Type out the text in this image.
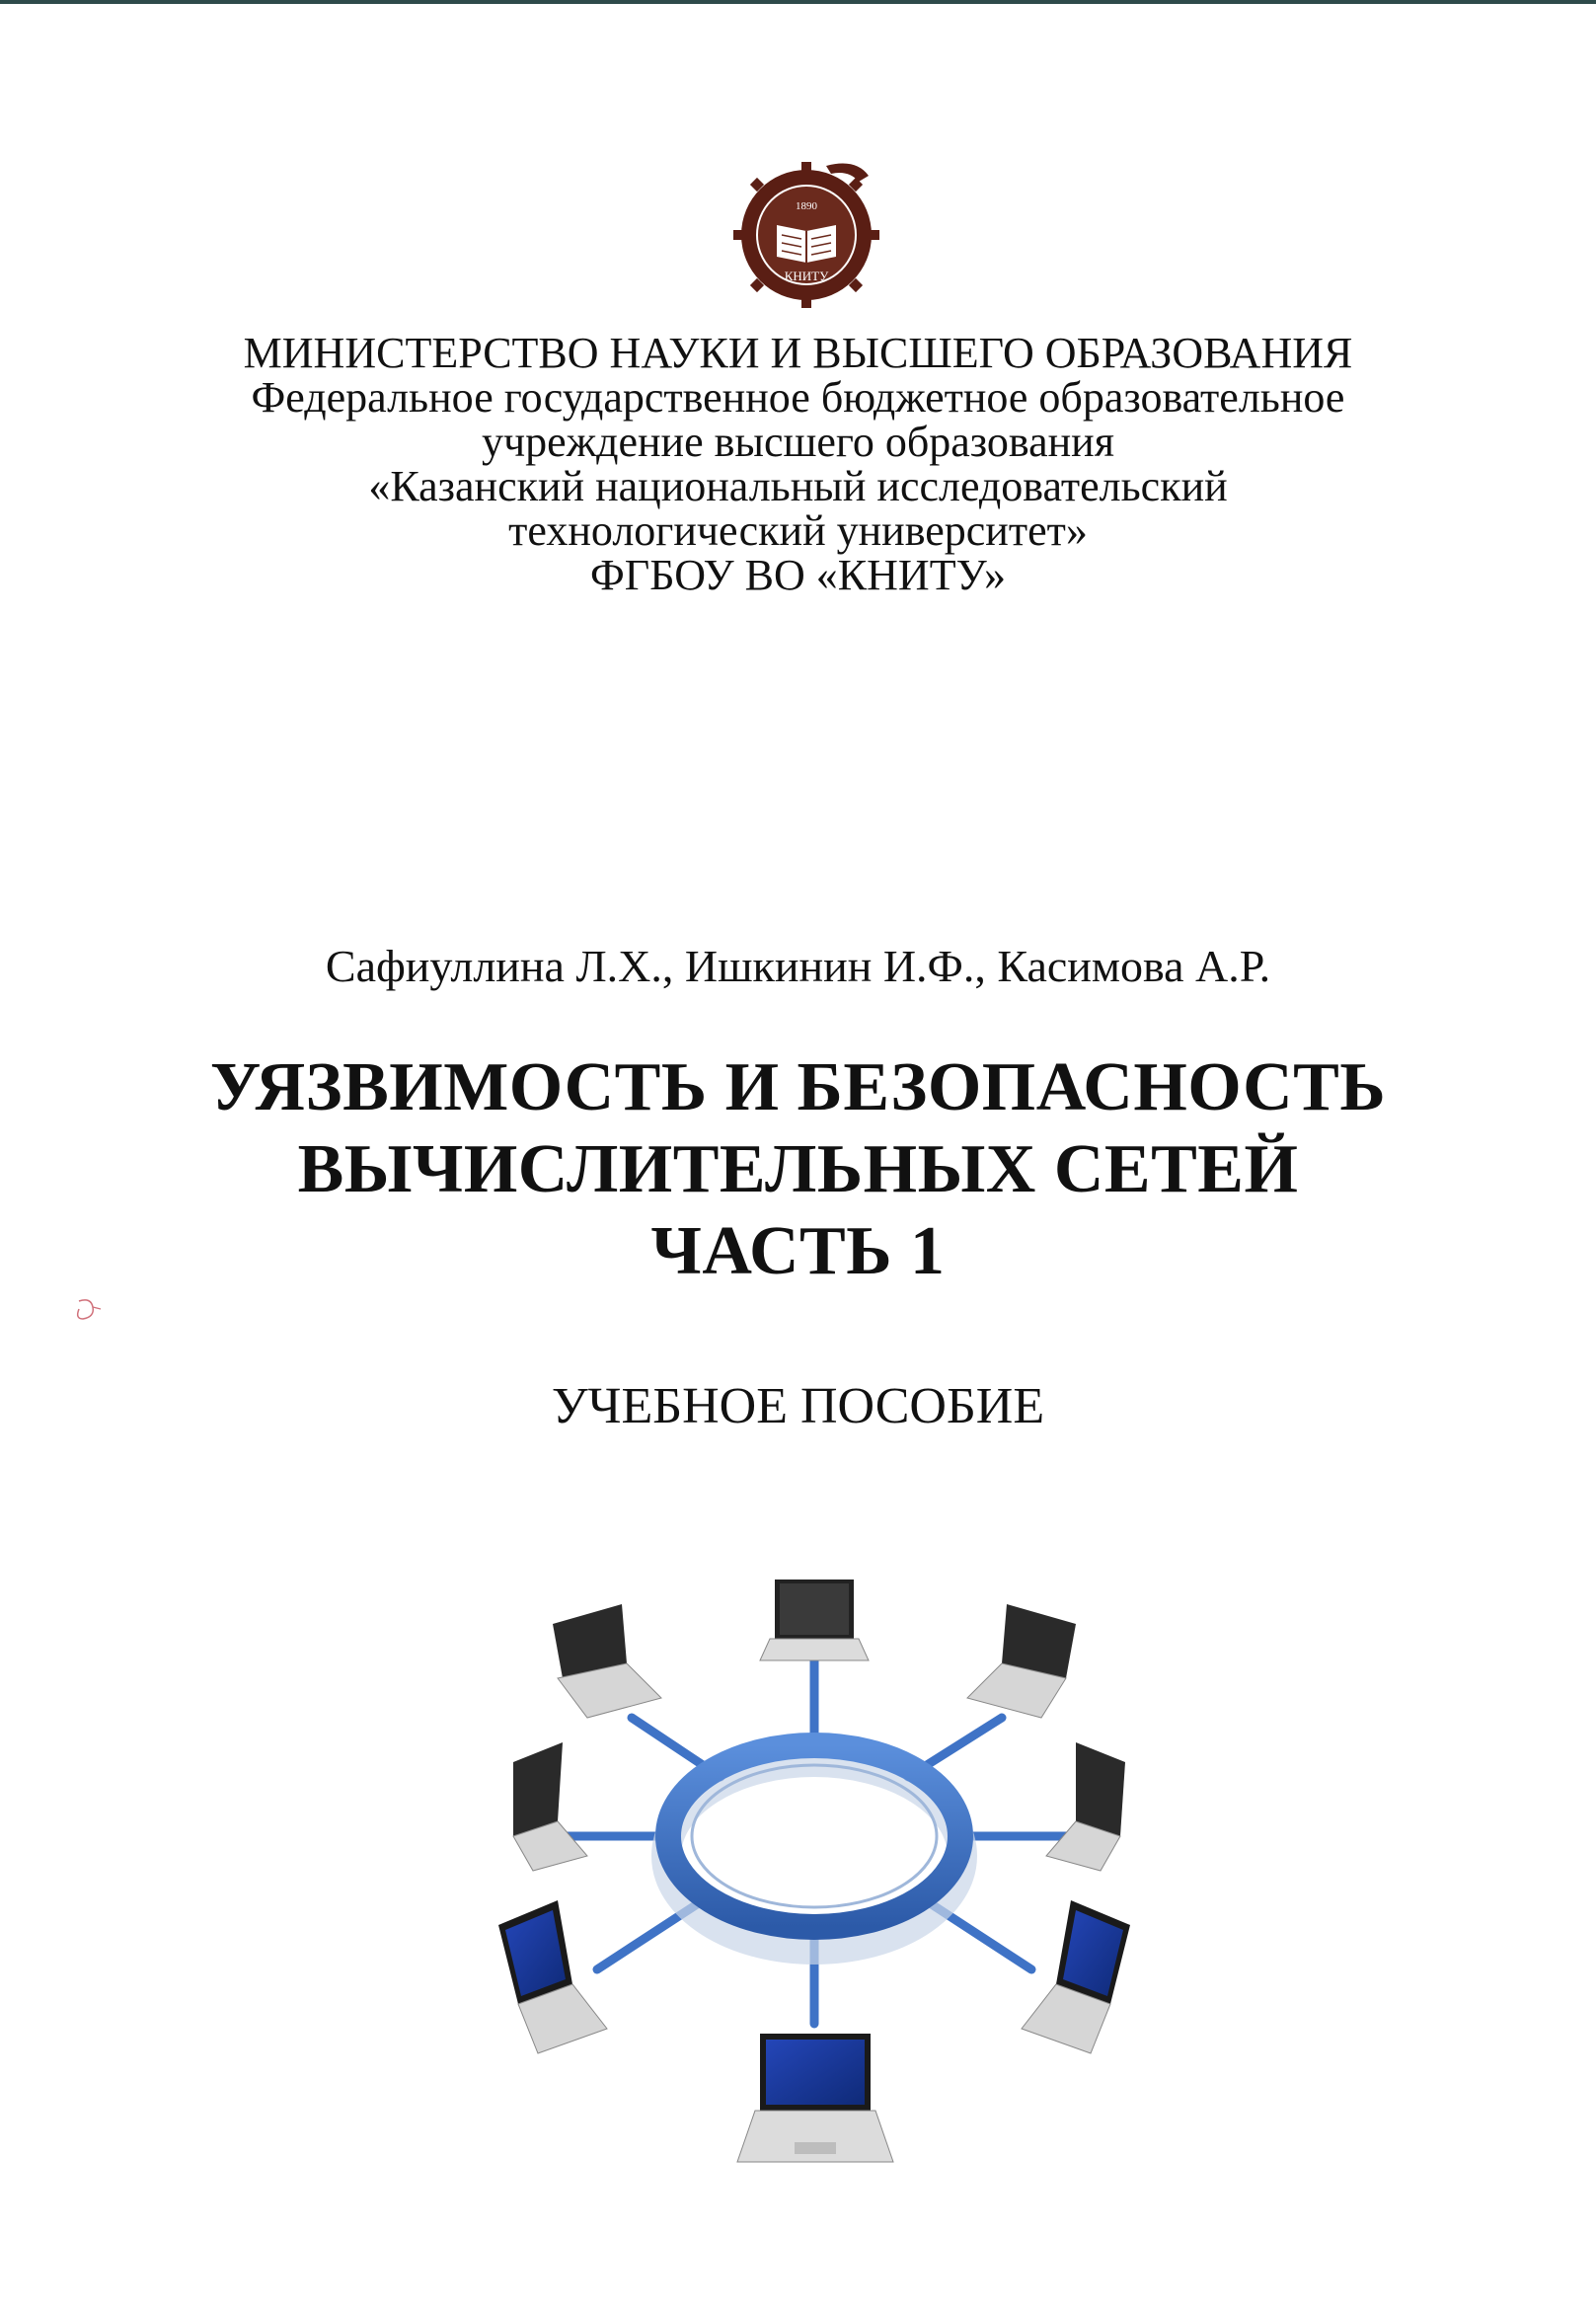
1890
КНИТУ
МИНИСТЕРСТВО НАУКИ И ВЫСШЕГО ОБРАЗОВАНИЯ
Федеральное государственное бюджетное образовательное
учреждение высшего образования
«Казанский национальный исследовательский
технологический университет»
ФГБОУ ВО «КНИТУ»
Сафиуллина Л.Х., Ишкинин И.Ф., Касимова А.Р.
УЯЗВИМОСТЬ И БЕЗОПАСНОСТЬ
ВЫЧИСЛИТЕЛЬНЫХ СЕТЕЙ
ЧАСТЬ 1
УЧЕБНОЕ ПОСОБИЕ
